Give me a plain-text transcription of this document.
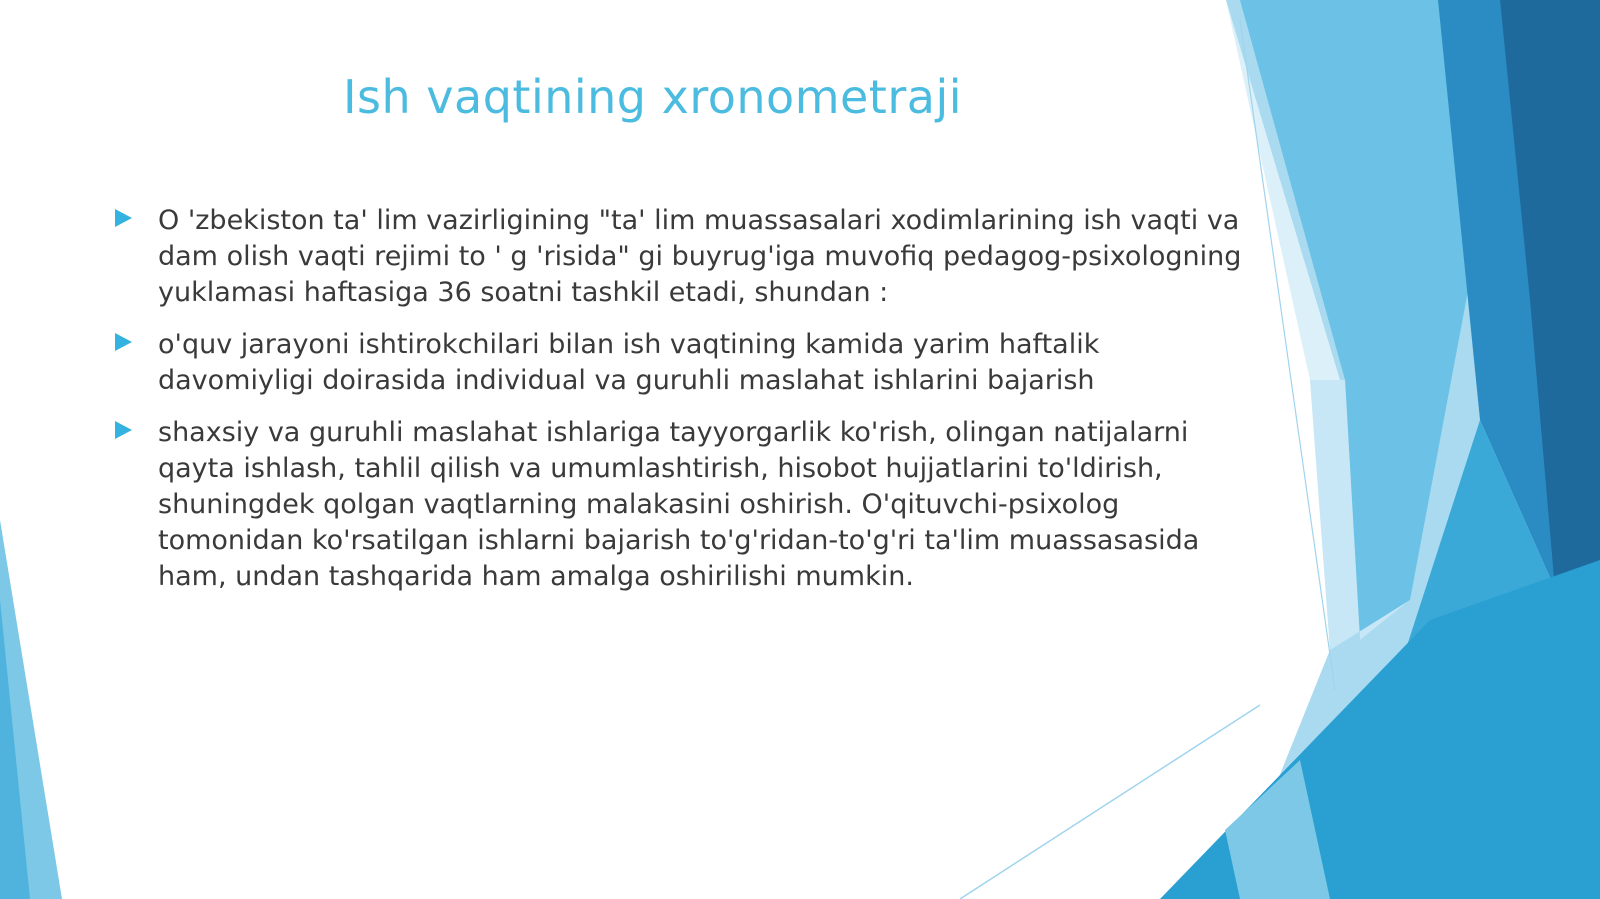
Ish vaqtining xronometraji
O 'zbekiston ta' lim vazirligining "ta' lim muassasalari xodimlarining ish vaqti va dam olish vaqti rejimi to ' g 'risida" gi buyrug'iga muvofiq pedagog-psixologning yuklamasi haftasiga 36 soatni tashkil etadi, shundan :
o'quv jarayoni ishtirokchilari bilan ish vaqtining kamida yarim haftalik davomiyligi doirasida individual va guruhli maslahat ishlarini bajarish
shaxsiy va guruhli maslahat ishlariga tayyorgarlik ko'rish, olingan natijalarni qayta ishlash, tahlil qilish va umumlashtirish, hisobot hujjatlarini to'ldirish, shuningdek qolgan vaqtlarning malakasini oshirish. O'qituvchi-psixolog tomonidan ko'rsatilgan ishlarni bajarish to'g'ridan-to'g'ri ta'lim muassasasida ham, undan tashqarida ham amalga oshirilishi mumkin.
